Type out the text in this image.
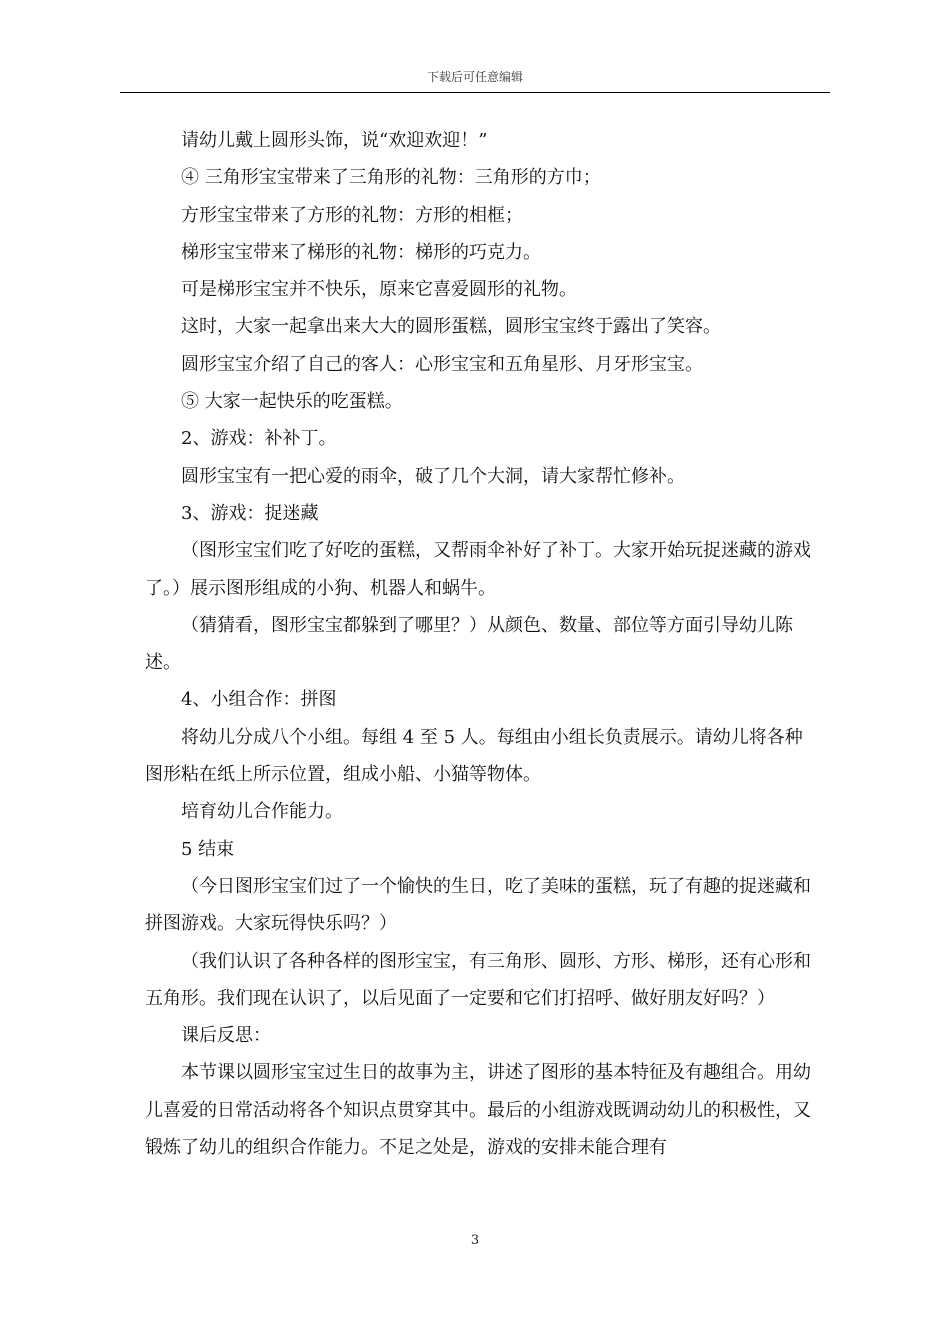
下载后可任意编辑

请幼儿戴上圆形头饰，说“欢迎欢迎！”

④ 三角形宝宝带来了三角形的礼物：三角形的方巾；

方形宝宝带来了方形的礼物：方形的相框；

梯形宝宝带来了梯形的礼物：梯形的巧克力。

可是梯形宝宝并不快乐，原来它喜爱圆形的礼物。

这时，大家一起拿出来大大的圆形蛋糕，圆形宝宝终于露出了笑容。

圆形宝宝介绍了自己的客人：心形宝宝和五角星形、月牙形宝宝。

⑤ 大家一起快乐的吃蛋糕。

2、游戏：补补丁。

圆形宝宝有一把心爱的雨伞，破了几个大洞，请大家帮忙修补。

3、游戏：捉迷藏

（图形宝宝们吃了好吃的蛋糕，又帮雨伞补好了补丁。大家开始玩捉迷藏的游戏了。）展示图形组成的小狗、机器人和蜗牛。

（猜猜看，图形宝宝都躲到了哪里？）从颜色、数量、部位等方面引导幼儿陈述。

4、小组合作：拼图

将幼儿分成八个小组。每组 4 至 5 人。每组由小组长负责展示。请幼儿将各种图形粘在纸上所示位置，组成小船、小猫等物体。

培育幼儿合作能力。

5 结束

（今日图形宝宝们过了一个愉快的生日，吃了美味的蛋糕，玩了有趣的捉迷藏和拼图游戏。大家玩得快乐吗？）

（我们认识了各种各样的图形宝宝，有三角形、圆形、方形、梯形，还有心形和五角形。我们现在认识了，以后见面了一定要和它们打招呼、做好朋友好吗？）

课后反思：

本节课以圆形宝宝过生日的故事为主，讲述了图形的基本特征及有趣组合。用幼儿喜爱的日常活动将各个知识点贯穿其中。最后的小组游戏既调动幼儿的积极性，又锻炼了幼儿的组织合作能力。不足之处是，游戏的安排未能合理有

3
